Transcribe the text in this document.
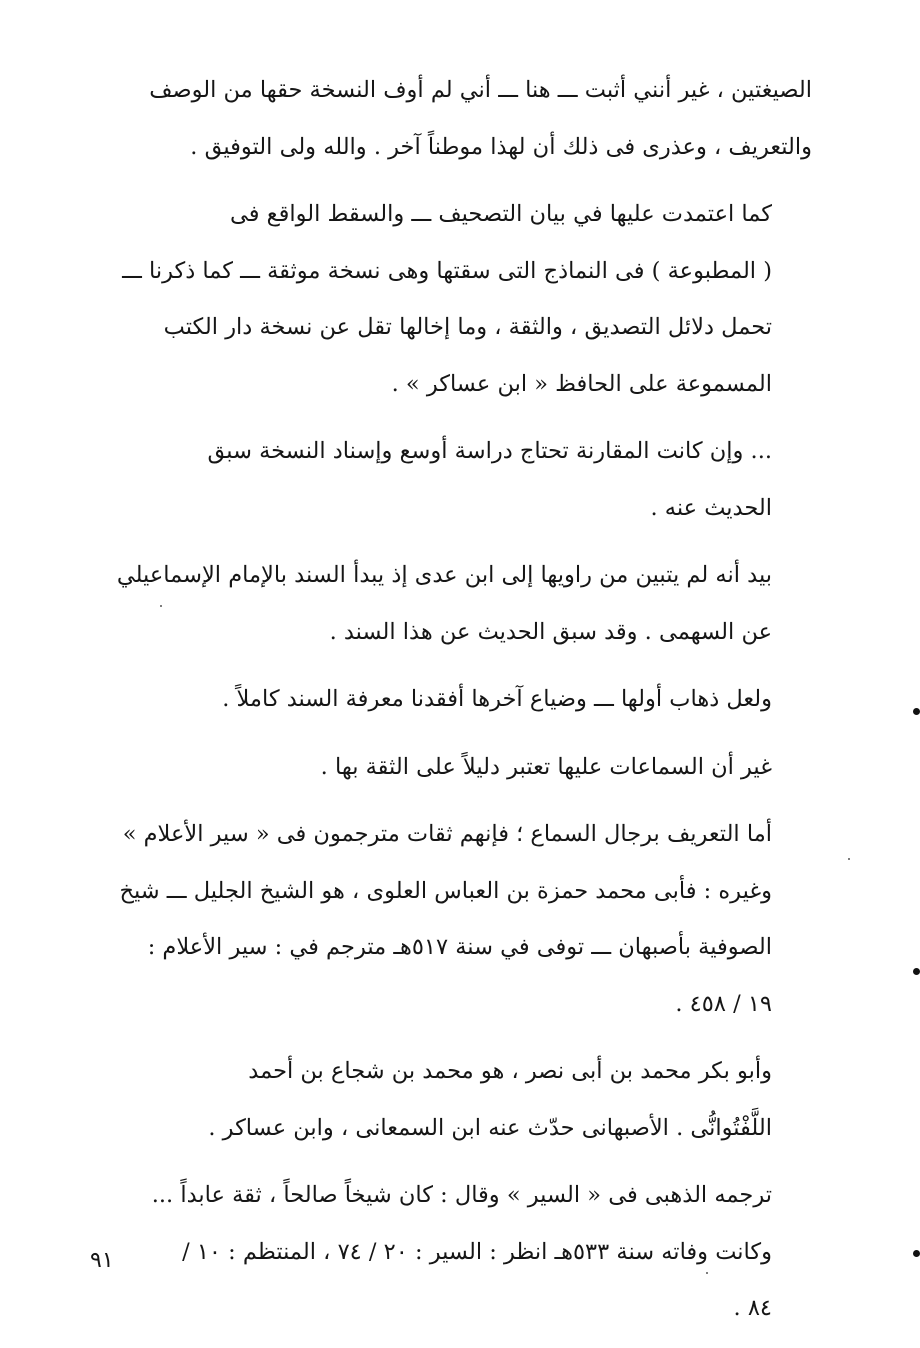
الصيغتين ، غير أنني أثبت ـــ هنا ـــ أني لم أوف النسخة حقها من الوصف
والتعريف ، وعذرى فى ذلك أن لهذا موطناً آخر . والله ولى التوفيق .

كما اعتمدت عليها في بيان التصحيف ـــ والسقط الواقع فى
( المطبوعة ) فى النماذج التى سقتها وهى نسخة موثقة ـــ كما ذكرنا ـــ
تحمل دلائل التصديق ، والثقة ، وما إخالها تقل عن نسخة دار الكتب
المسموعة على الحافظ « ابن عساكر » .

... وإن كانت المقارنة تحتاج دراسة أوسع وإسناد النسخة سبق
الحديث عنه .

بيد أنه لم يتبين من راويها إلى ابن عدى إذ يبدأ السند بالإمام الإسماعيلي
عن السهمى . وقد سبق الحديث عن هذا السند .

ولعل ذهاب أولها ـــ وضياع آخرها أفقدنا معرفة السند كاملاً .

غير أن السماعات عليها تعتبر دليلاً على الثقة بها .

أما التعريف برجال السماع ؛ فإنهم ثقات مترجمون فى « سير الأعلام »
وغيره : فأبى محمد حمزة بن العباس العلوى ، هو الشيخ الجليل ـــ شيخ
الصوفية بأصبهان ـــ توفى في سنة ٥١٧هـ مترجم في : سير الأعلام :
١٩ / ٤٥٨ .

وأبو بكر محمد بن أبى نصر ، هو محمد بن شجاع بن أحمد
اللَّفْتُوانُّى . الأصبهانى حدّث عنه ابن السمعانى ، وابن عساكر .

ترجمه الذهبى فى « السير » وقال : كان شيخاً صالحاً ، ثقة عابداً ...
وكانت وفاته سنة ٥٣٣هـ انظر : السير : ٢٠ / ٧٤ ، المنتظم : ١٠ /
٨٤ .

٩١
